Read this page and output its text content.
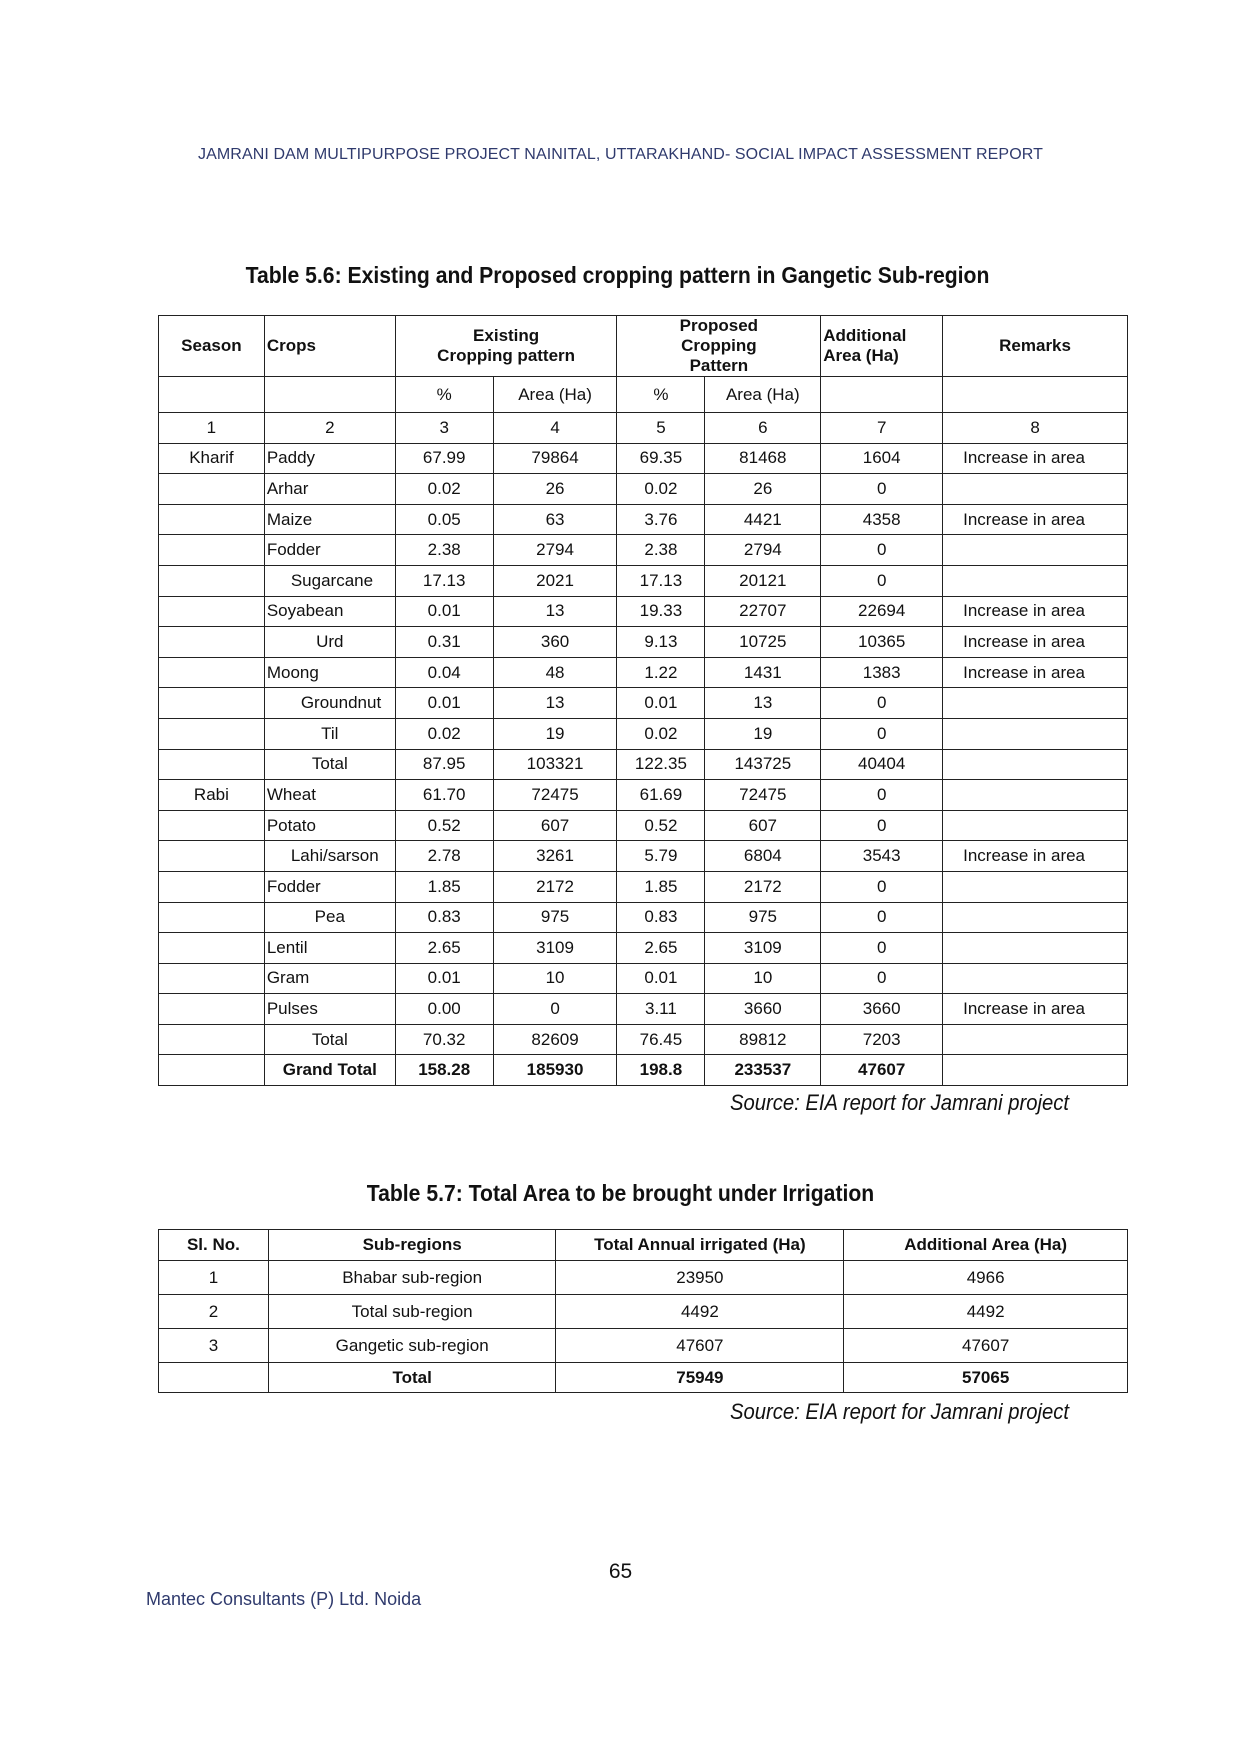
JAMRANI DAM MULTIPURPOSE PROJECT NAINITAL, UTTARAKHAND- SOCIAL IMPACT ASSESSMENT REPORT
Table 5.6: Existing and Proposed cropping pattern in Gangetic Sub-region
Season	Crops	Existing Cropping pattern		Proposed Cropping Pattern		Additional Area (Ha)	Remarks
		%	Area (Ha)	%	Area (Ha)		
1	2	3	4	5	6	7	8
Kharif	Paddy	67.99	79864	69.35	81468	1604	Increase in area
	Arhar	0.02	26	0.02	26	0	
	Maize	0.05	63	3.76	4421	4358	Increase in area
	Fodder	2.38	2794	2.38	2794	0	
	Sugarcane	17.13	2021	17.13	20121	0	
	Soyabean	0.01	13	19.33	22707	22694	Increase in area
	Urd	0.31	360	9.13	10725	10365	Increase in area
	Moong	0.04	48	1.22	1431	1383	Increase in area
	Groundnut	0.01	13	0.01	13	0	
	Til	0.02	19	0.02	19	0	
	Total	87.95	103321	122.35	143725	40404	
Rabi	Wheat	61.70	72475	61.69	72475	0	
	Potato	0.52	607	0.52	607	0	
	Lahi/sarson	2.78	3261	5.79	6804	3543	Increase in area
	Fodder	1.85	2172	1.85	2172	0	
	Pea	0.83	975	0.83	975	0	
	Lentil	2.65	3109	2.65	3109	0	
	Gram	0.01	10	0.01	10	0	
	Pulses	0.00	0	3.11	3660	3660	Increase in area
	Total	70.32	82609	76.45	89812	7203	
	Grand Total	158.28	185930	198.8	233537	47607	
Source: EIA report for Jamrani project
Table 5.7: Total Area to be brought under Irrigation
Sl. No.	Sub-regions	Total Annual irrigated (Ha)	Additional Area (Ha)
1	Bhabar sub-region	23950	4966
2	Total sub-region	4492	4492
3	Gangetic sub-region	47607	47607
	Total	75949	57065
Source: EIA report for Jamrani project
65
Mantec Consultants (P) Ltd. Noida
